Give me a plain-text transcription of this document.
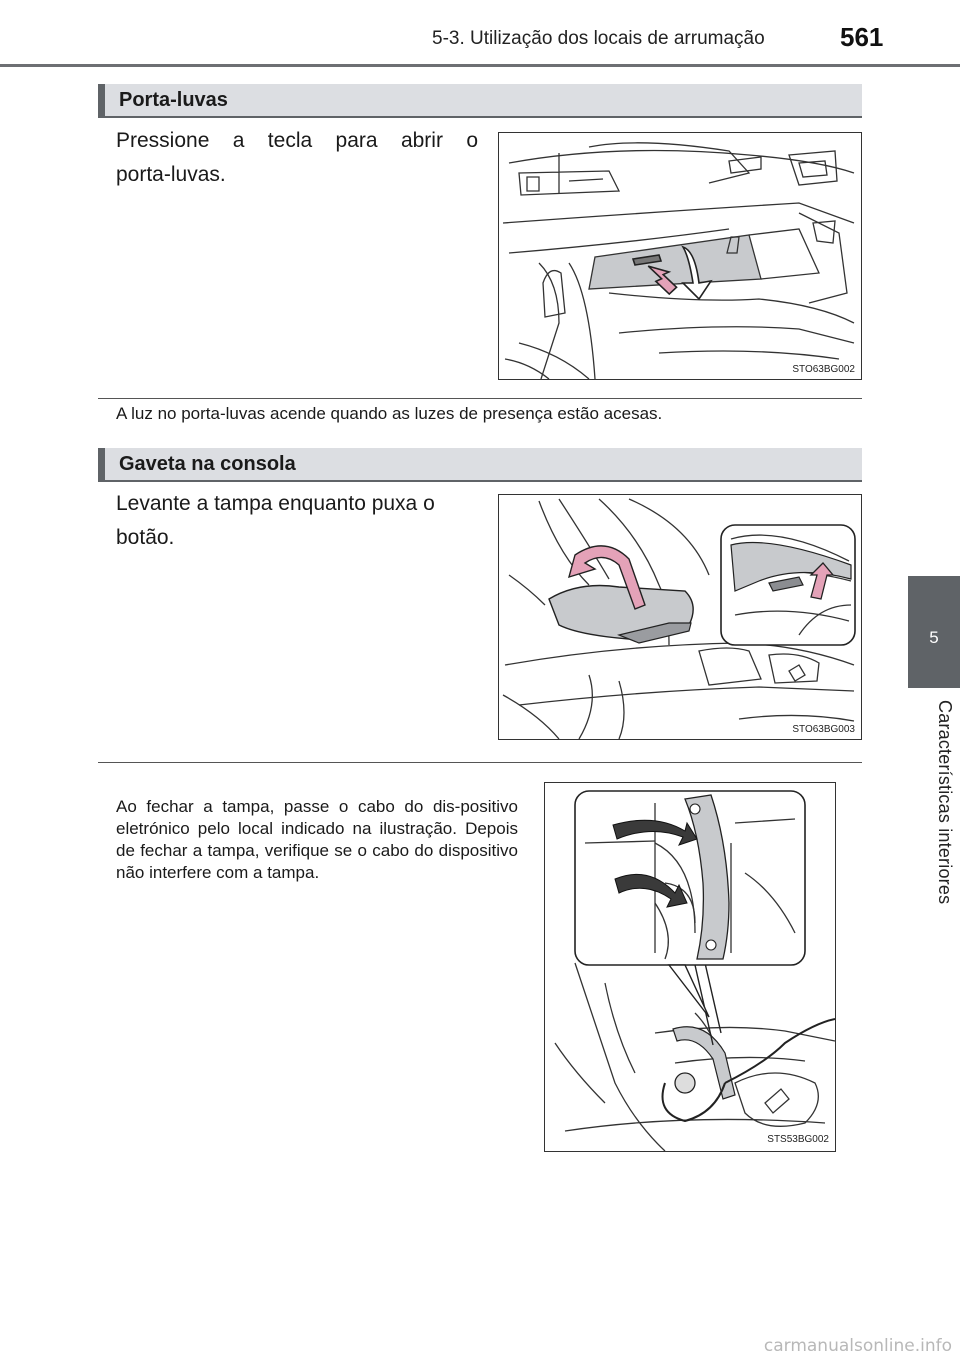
5-3. Utilização dos locais de arrumação	561
5
Características interiores
Porta-luvas
Pressione a tecla para abrir o
porta-luvas.
STO63BG002
A luz no porta-luvas acende quando as luzes de presença estão acesas.
Gaveta na consola
Levante a tampa enquanto puxa o
botão.
STO63BG003
Ao fechar a tampa, passe o cabo do dis-positivo eletrónico pelo local indicado na ilustração. Depois de fechar a tampa, verifique se o cabo do dispositivo não interfere com a tampa.
STS53BG002
carmanualsonline.info
